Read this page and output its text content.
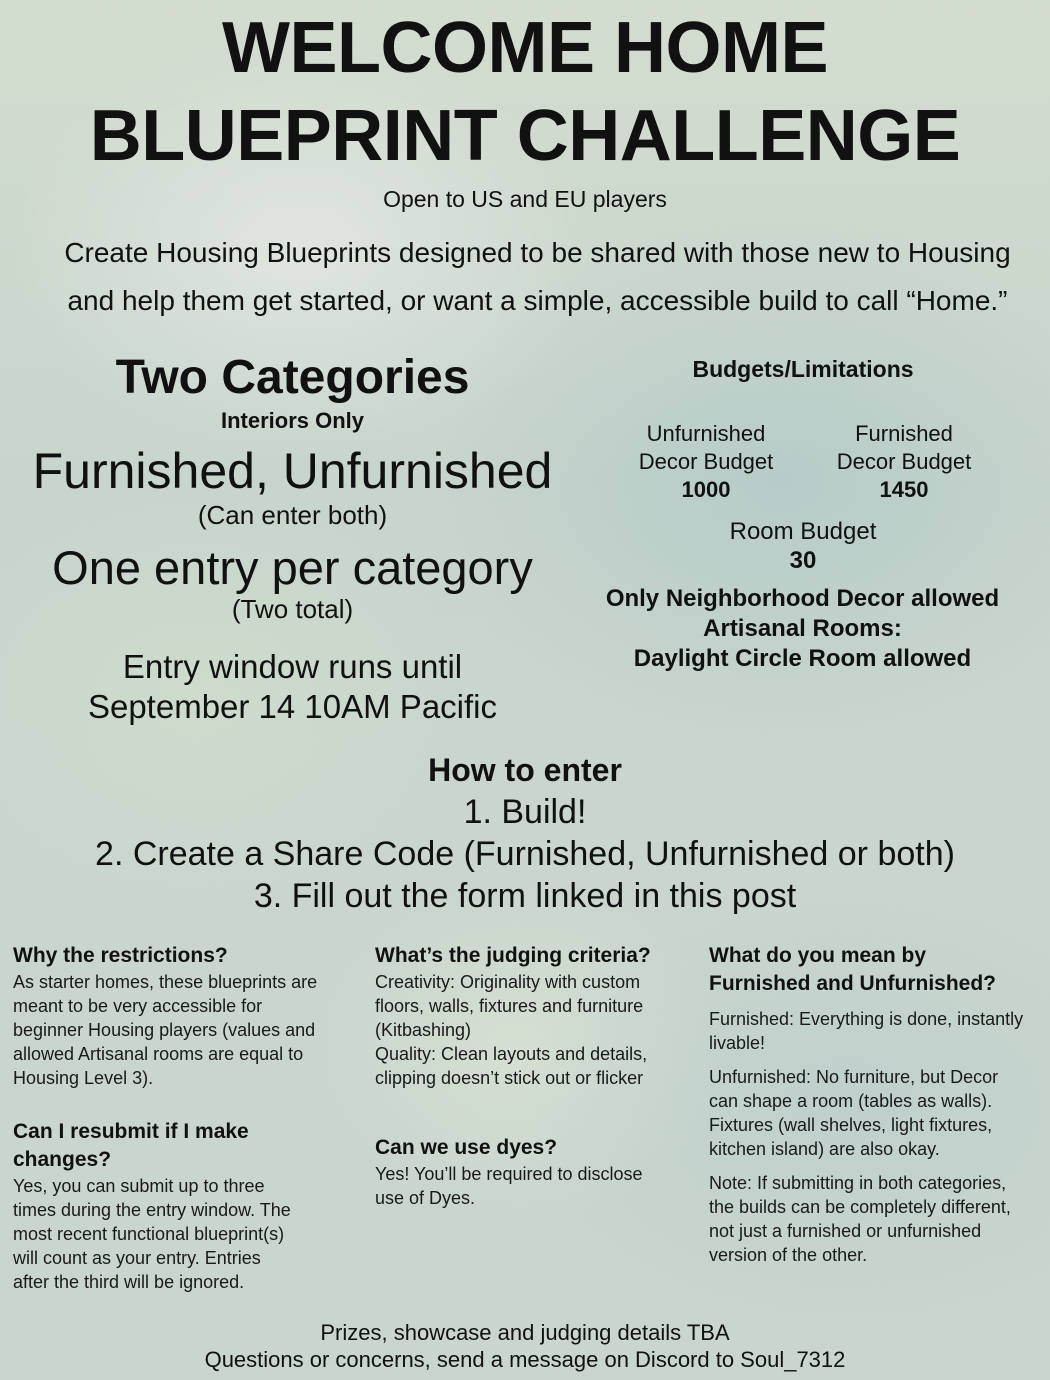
WELCOME HOME
BLUEPRINT CHALLENGE
Open to US and EU players
Create Housing Blueprints designed to be shared with those new to Housing
and help them get started, or want a simple, accessible build to call “Home.”
Two Categories
Interiors Only
Furnished, Unfurnished
(Can enter both)
One entry per category
(Two total)
Entry window runs until
September 14 10AM Pacific
Budgets/Limitations
Unfurnished
Decor Budget
1000
Furnished
Decor Budget
1450
Room Budget
30
Only Neighborhood Decor allowed
Artisanal Rooms:
Daylight Circle Room allowed
How to enter
1. Build!
2. Create a Share Code (Furnished, Unfurnished or both)
3. Fill out the form linked in this post
Why the restrictions?
As starter homes, these blueprints are
meant to be very accessible for
beginner Housing players (values and
allowed Artisanal rooms are equal to
Housing Level 3).
Can I resubmit if I make
changes?
Yes, you can submit up to three
times during the entry window. The
most recent functional blueprint(s)
will count as your entry. Entries
after the third will be ignored.
What’s the judging criteria?
Creativity: Originality with custom
floors, walls, fixtures and furniture
(Kitbashing)
Quality: Clean layouts and details,
clipping doesn’t stick out or flicker
Can we use dyes?
Yes! You’ll be required to disclose
use of Dyes.
What do you mean by
Furnished and Unfurnished?
Furnished: Everything is done, instantly
livable!
Unfurnished: No furniture, but Decor
can shape a room (tables as walls).
Fixtures (wall shelves, light fixtures,
kitchen island) are also okay.
Note: If submitting in both categories,
the builds can be completely different,
not just a furnished or unfurnished
version of the other.
Prizes, showcase and judging details TBA
Questions or concerns, send a message on Discord to Soul_7312
